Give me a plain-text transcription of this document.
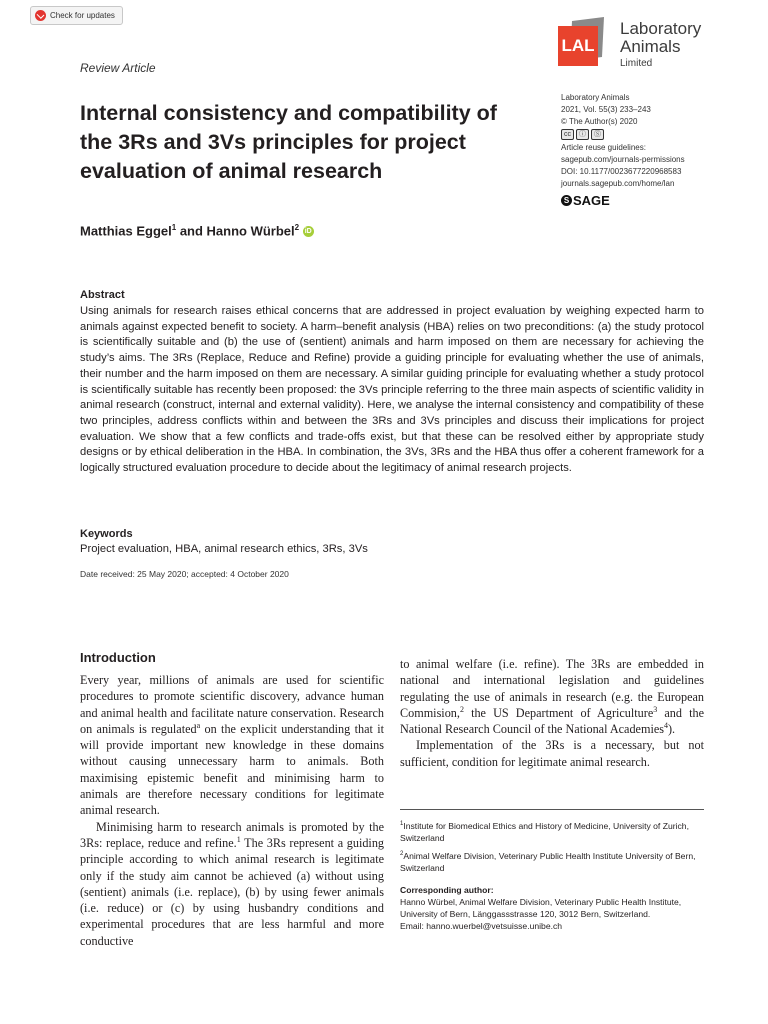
Check for updates
Review Article
LAL
Laboratory
Animals
Limited
Laboratory Animals
2021, Vol. 55(3) 233–243
© The Author(s) 2020
cc	ⓘ	Ⓢ
Article reuse guidelines:
sagepub.com/journals-permissions
DOI: 10.1177/0023677220968583
journals.sagepub.com/home/lan
S SAGE
Internal consistency and compatibility of the 3Rs and 3Vs principles for project evaluation of animal research
Matthias Eggel$^1$ and Hanno Würbel$^2$ iD
Abstract

Using animals for research raises ethical concerns that are addressed in project evaluation by weighing expected harm to animals against expected benefit to society. A harm–benefit analysis (HBA) relies on two preconditions: (a) the study protocol is scientifically suitable and (b) the use of (sentient) animals and harm imposed on them are necessary for achieving the study’s aims. The 3Rs (Replace, Reduce and Refine) provide a guiding principle for evaluating whether the use of animals, their number and the harm imposed on them are necessary. A similar guiding principle for evaluating whether a study protocol is scientifically suitable has recently been proposed: the 3Vs principle referring to the three main aspects of scientific validity in animal research (construct, internal and external validity). Here, we analyse the internal consistency and compatibility of these two principles, address conflicts within and between the 3Rs and 3Vs principles and discuss their implications for project evaluation. We show that a few conflicts and trade-offs exist, but that these can be resolved either by appropriate study designs or by ethical deliberation in the HBA. In combination, the 3Vs, 3Rs and the HBA thus offer a coherent framework for a logically structured evaluation procedure to decide about the legitimacy of animal research projects.

Keywords
Project evaluation, HBA, animal research ethics, 3Rs, 3Vs
Date received: 25 May 2020; accepted: 4 October 2020
Introduction

Every year, millions of animals are used for scientific procedures to promote scientific discovery, advance human and animal health and facilitate nature conservation. Research on animals is regulated$^a$ on the explicit understanding that it will provide important new knowledge in these domains without causing unnecessary harm to animals. Both maximising epistemic benefit and minimising harm to animals are therefore necessary conditions for legitimate animal research.

Minimising harm to research animals is promoted by the 3Rs: replace, reduce and refine.$^1$ The 3Rs represent a guiding principle according to which animal research is legitimate only if the study aim cannot be achieved (a) without using (sentient) animals (i.e. replace), (b) by using fewer animals (i.e. reduce) or (c) by using husbandry conditions and experimental procedures that are less harmful and more conductive

to animal welfare (i.e. refine). The 3Rs are embedded in national and international legislation and guidelines regulating the use of animals in research (e.g. the European Commision,$^2$ the US Department of Agriculture$^3$ and the National Research Council of the National Academies$^4$).

Implementation of the 3Rs is a necessary, but not sufficient, condition for legitimate animal research.

$^1$Institute for Biomedical Ethics and History of Medicine, University of Zurich, Switzerland

$^2$Animal Welfare Division, Veterinary Public Health Institute University of Bern, Switzerland

Corresponding author:

Hanno Würbel, Animal Welfare Division, Veterinary Public Health Institute, University of Bern, Länggassstrasse 120, 3012 Bern, Switzerland.

Email: hanno.wuerbel@vetsuisse.unibe.ch
